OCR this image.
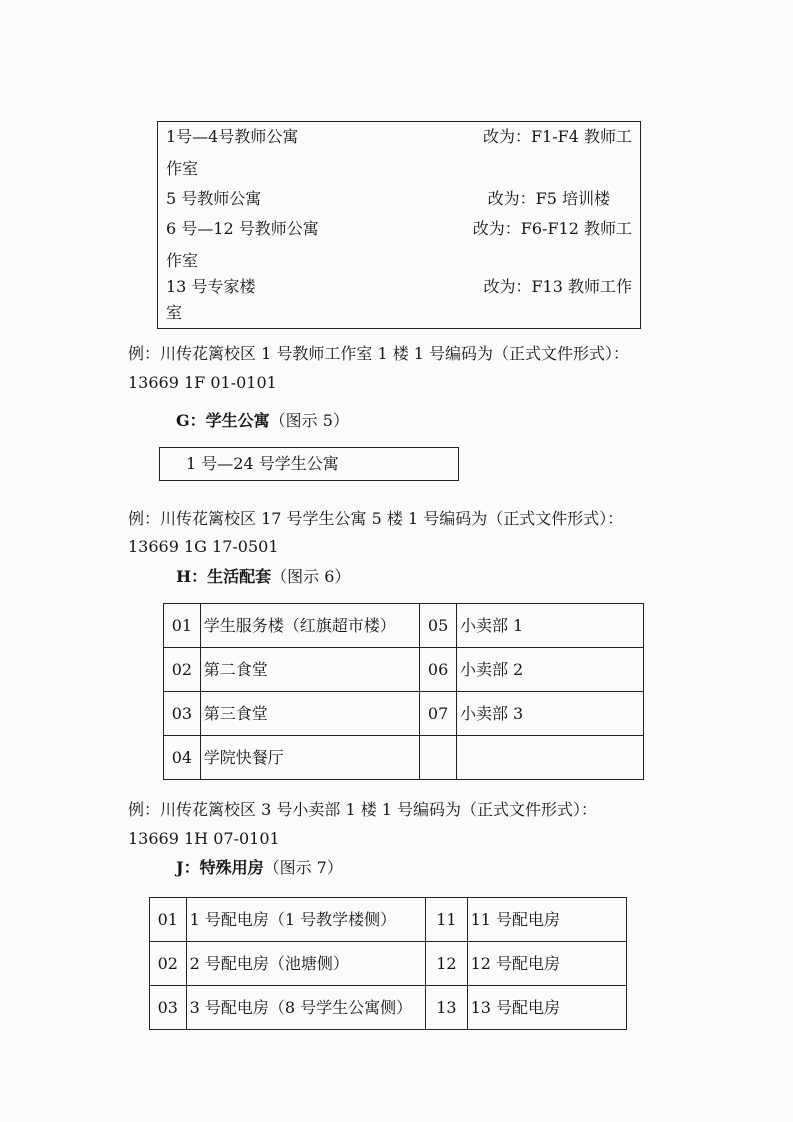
1号—4号教师公寓	改为：F1-F4 教师工
作室
5 号教师公寓	改为：F5 培训楼
6 号—12 号教师公寓	改为：F6-F12 教师工
作室
13 号专家楼	改为：F13 教师工作
室
例：川传花篱校区 1 号教师工作室 1 楼 1 号编码为（正式文件形式）：
13669 1F 01-0101
G：学生公寓（图示 5）
1 号—24 号学生公寓
例：川传花篱校区 17 号学生公寓 5 楼 1 号编码为（正式文件形式）：
13669 1G 17-0501
H：生活配套（图示 6）
01	学生服务楼（红旗超市楼）	05	小卖部 1
02	第二食堂	06	小卖部 2
03	第三食堂	07	小卖部 3
04	学院快餐厅		
例：川传花篱校区 3 号小卖部 1 楼 1 号编码为（正式文件形式）：
13669 1H 07-0101
J：特殊用房（图示 7）
01	1 号配电房（1 号教学楼侧）	11	11 号配电房
02	2 号配电房（池塘侧）	12	12 号配电房
03	3 号配电房（8 号学生公寓侧）	13	13 号配电房
